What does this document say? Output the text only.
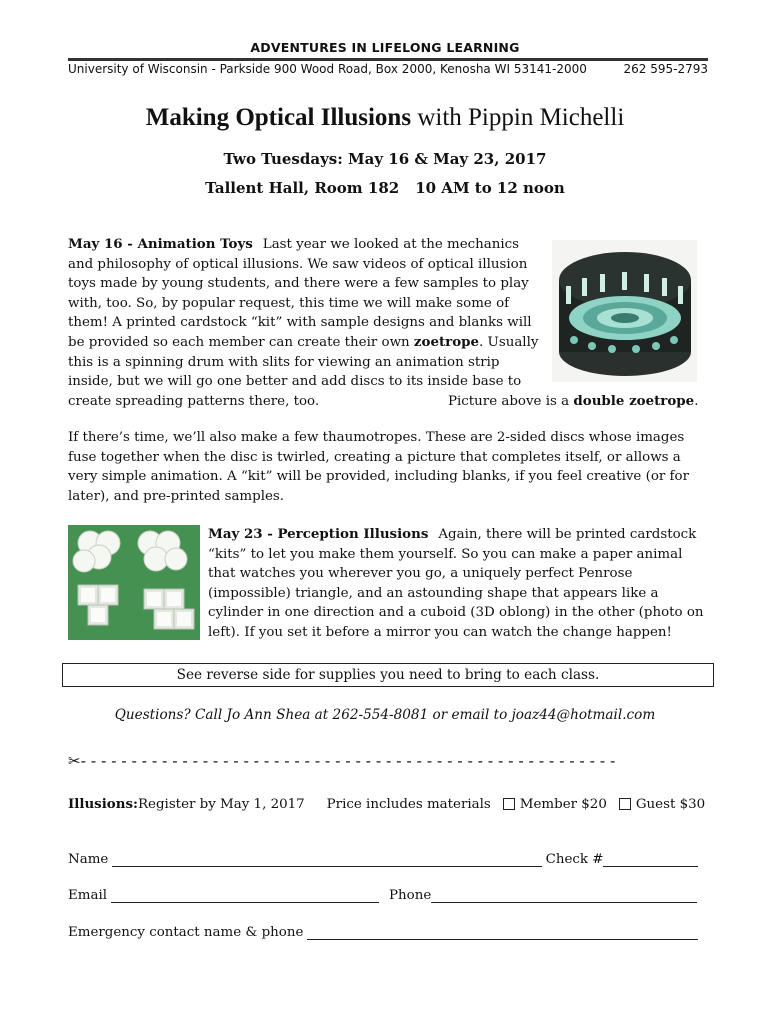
ADVENTURES IN LIFELONG LEARNING
University of Wisconsin - Parkside 900 Wood Road, Box 2000, Kenosha WI 53141-2000	262 595-2793
Making Optical Illusions with Pippin Michelli
Two Tuesdays: May 16 & May 23, 2017
Tallent Hall, Room 182 10 AM to 12 noon
May 16 - Animation Toys Last year we looked at the mechanics and philosophy of optical illusions. We saw videos of optical illusion toys made by young students, and there were a few samples to play with, too. So, by popular request, this time we will make some of them! A printed cardstock “kit” with sample designs and blanks will be provided so each member can create their own zoetrope. Usually this is a spinning drum with slits for viewing an animation strip inside, but we will go one better and add discs to its inside base to create spreading patterns there, too.	Picture above is a double zoetrope.
If there’s time, we’ll also make a few thaumotropes. These are 2-sided discs whose images fuse together when the disc is twirled, creating a picture that completes itself, or allows a very simple animation. A “kit” will be provided, including blanks, if you feel creative (or for later), and pre-printed samples.
May 23 - Perception Illusions Again, there will be printed cardstock “kits” to let you make them yourself. So you can make a paper animal that watches you wherever you go, a uniquely perfect Penrose (impossible) triangle, and an astounding shape that appears like a cylinder in one direction and a cuboid (3D oblong) in the other (photo on left). If you set it before a mirror you can watch the change happen!
See reverse side for supplies you need to bring to each class.
Questions? Call Jo Ann Shea at 262-554-8081 or email to joaz44@hotmail.com
✂- - - - - - - - - - - - - - - - - - - - - - - - - - - - - - - - - - - - - - - - - - - - - - - - - - - - -
Illusions: Register by May 1, 2017 Price includes materials Member $20 Guest $30
Name	Check #
Email	Phone
Emergency contact name & phone
